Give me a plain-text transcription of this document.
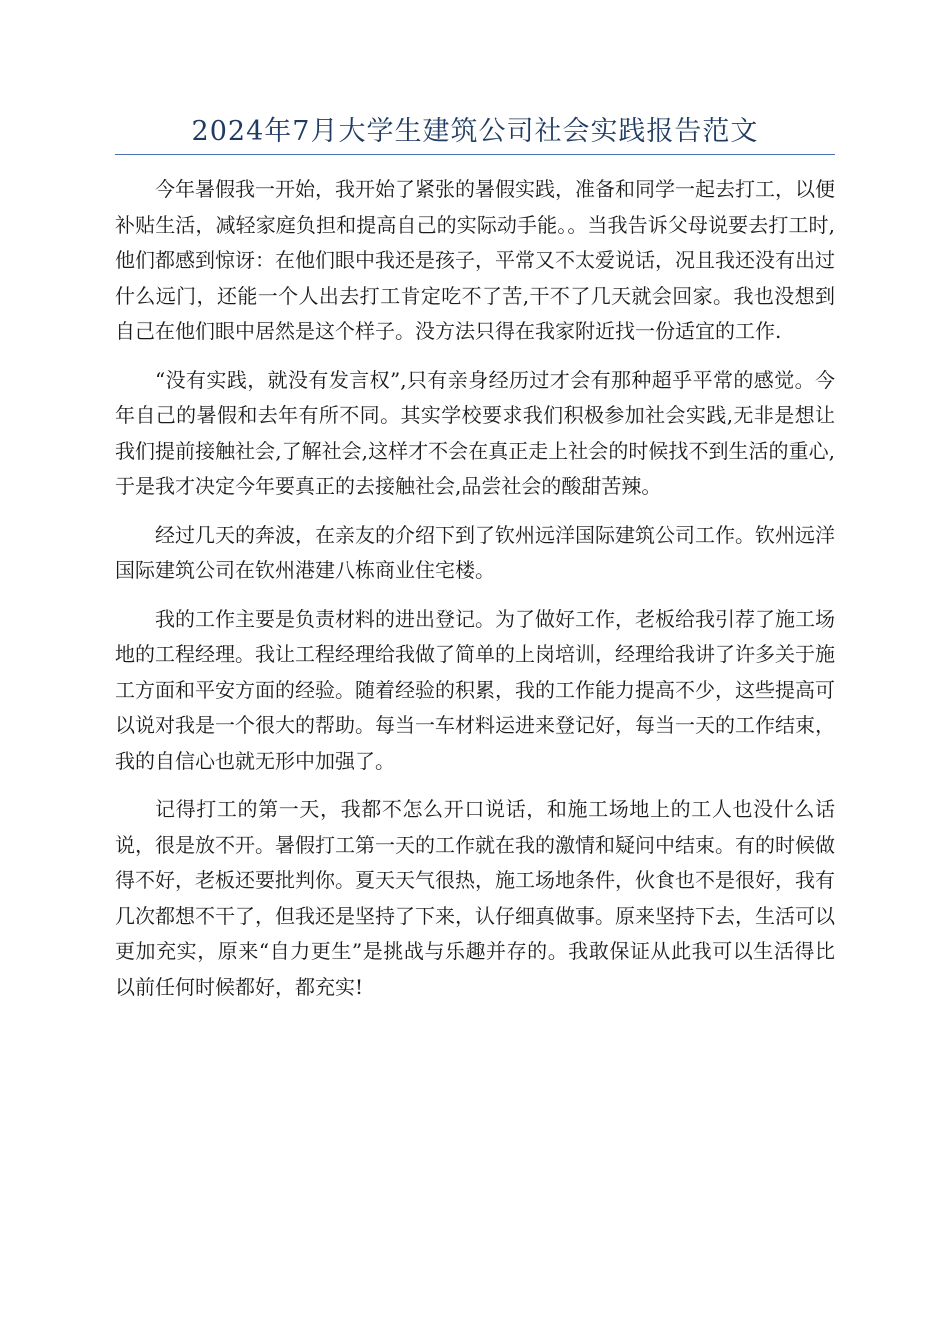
2024年7月大学生建筑公司社会实践报告范文

今年暑假我一开始，我开始了紧张的暑假实践，准备和同学一起去打工，以便补贴生活，减轻家庭负担和提高自己的实际动手能。。当我告诉父母说要去打工时,他们都感到惊讶：在他们眼中我还是孩子，平常又不太爱说话，况且我还没有出过什么远门，还能一个人出去打工肯定吃不了苦,干不了几天就会回家。我也没想到自己在他们眼中居然是这个样子。没方法只得在我家附近找一份适宜的工作.

“没有实践，就没有发言权”,只有亲身经历过才会有那种超乎平常的感觉。今年自己的暑假和去年有所不同。其实学校要求我们积极参加社会实践,无非是想让我们提前接触社会,了解社会,这样才不会在真正走上社会的时候找不到生活的重心,于是我才决定今年要真正的去接触社会,品尝社会的酸甜苦辣。

经过几天的奔波，在亲友的介绍下到了钦州远洋国际建筑公司工作。钦州远洋国际建筑公司在钦州港建八栋商业住宅楼。

我的工作主要是负责材料的进出登记。为了做好工作，老板给我引荐了施工场地的工程经理。我让工程经理给我做了简单的上岗培训，经理给我讲了许多关于施工方面和平安方面的经验。随着经验的积累，我的工作能力提高不少，这些提高可以说对我是一个很大的帮助。每当一车材料运进来登记好，每当一天的工作结束，我的自信心也就无形中加强了。

记得打工的第一天，我都不怎么开口说话，和施工场地上的工人也没什么话说，很是放不开。暑假打工第一天的工作就在我的激情和疑问中结束。有的时候做得不好，老板还要批判你。夏天天气很热，施工场地条件，伙食也不是很好，我有几次都想不干了，但我还是坚持了下来，认仔细真做事。原来坚持下去，生活可以更加充实，原来“自力更生”是挑战与乐趣并存的。我敢保证从此我可以生活得比以前任何时候都好，都充实!
